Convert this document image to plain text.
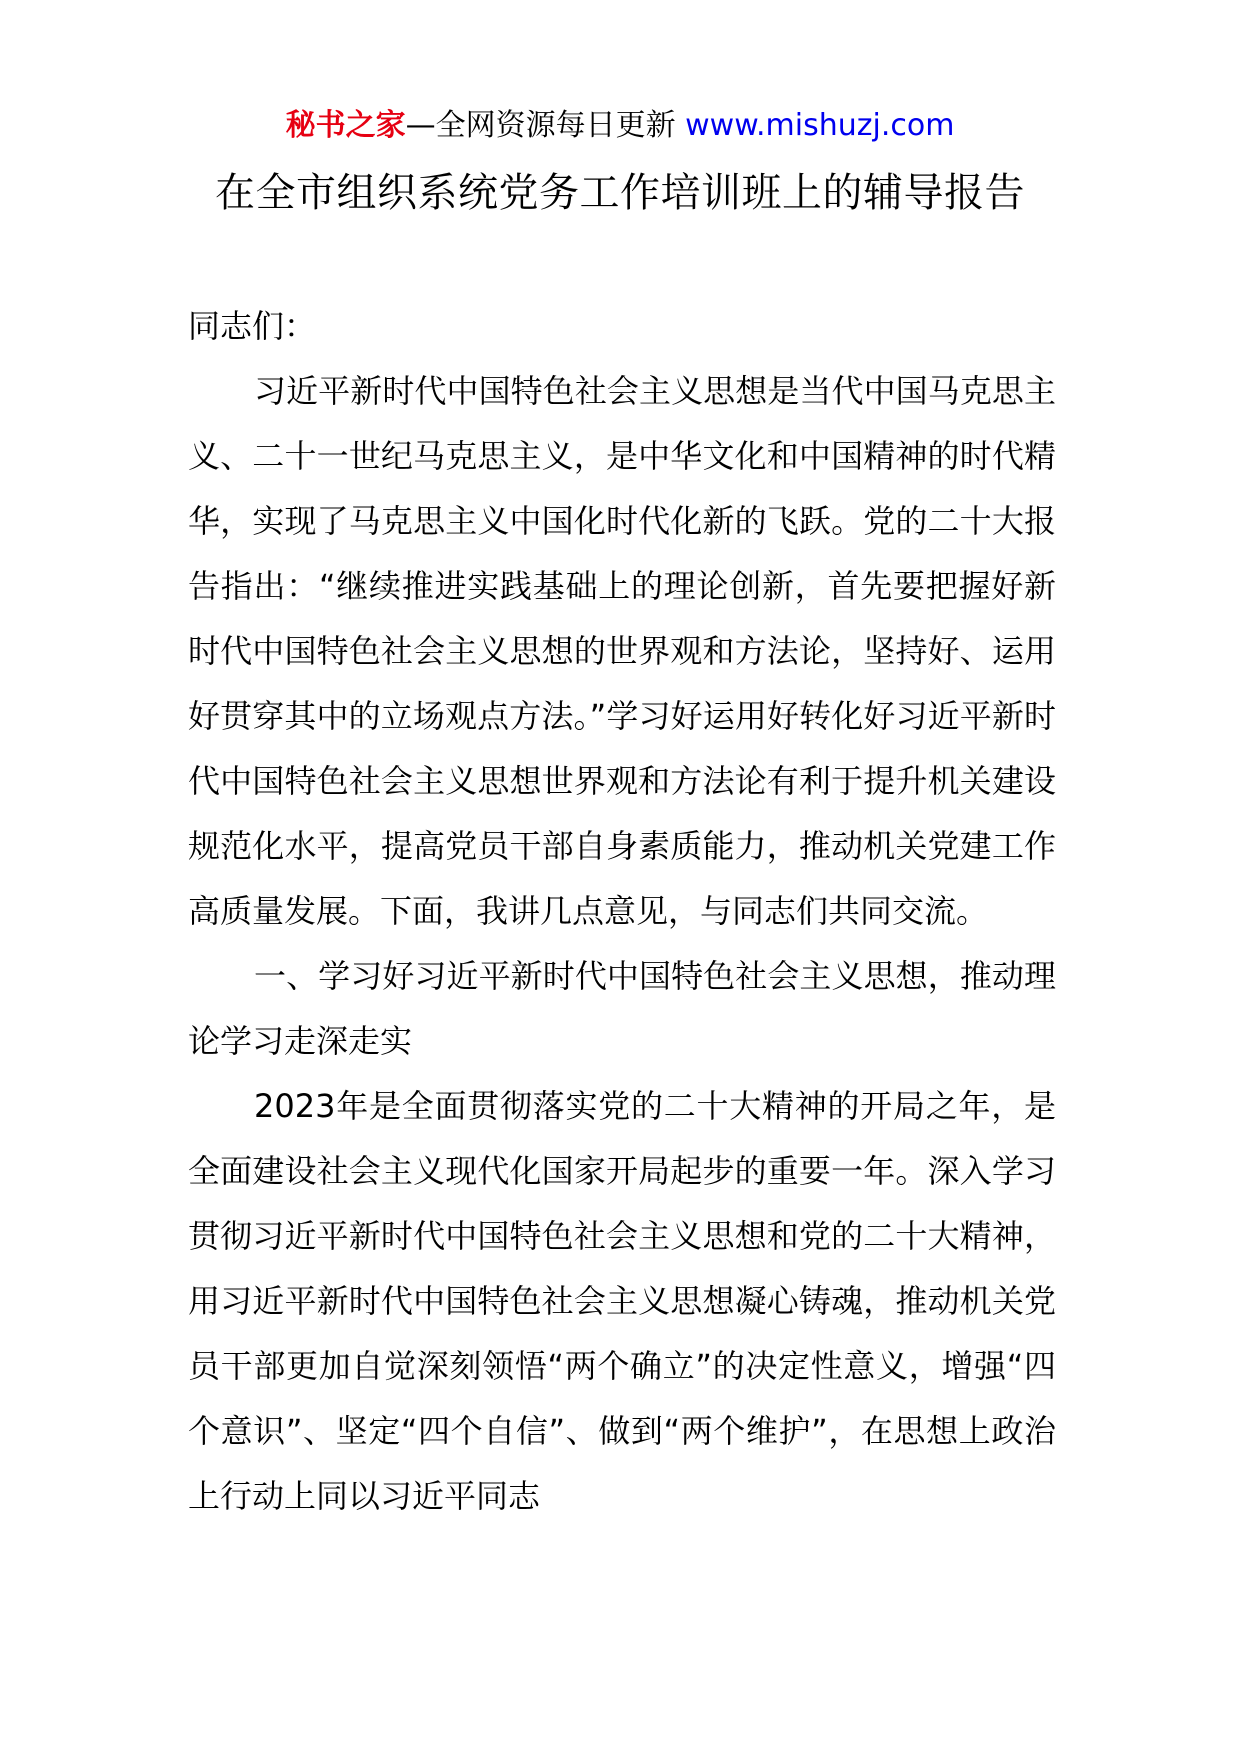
秘书之家—全网资源每日更新 www.mishuzj.com
在全市组织系统党务工作培训班上的辅导报告

同志们：

习近平新时代中国特色社会主义思想是当代中国马克思主义、二十一世纪马克思主义，是中华文化和中国精神的时代精华，实现了马克思主义中国化时代化新的飞跃。党的二十大报告指出：“继续推进实践基础上的理论创新，首先要把握好新时代中国特色社会主义思想的世界观和方法论，坚持好、运用好贯穿其中的立场观点方法。”学习好运用好转化好习近平新时代中国特色社会主义思想世界观和方法论有利于提升机关建设规范化水平，提高党员干部自身素质能力，推动机关党建工作高质量发展。下面，我讲几点意见，与同志们共同交流。

一、学习好习近平新时代中国特色社会主义思想，推动理论学习走深走实

2023年是全面贯彻落实党的二十大精神的开局之年，是全面建设社会主义现代化国家开局起步的重要一年。深入学习贯彻习近平新时代中国特色社会主义思想和党的二十大精神，用习近平新时代中国特色社会主义思想凝心铸魂，推动机关党员干部更加自觉深刻领悟“两个确立”的决定性意义，增强“四个意识”、坚定“四个自信”、做到“两个维护”，在思想上政治上行动上同以习近平同志
